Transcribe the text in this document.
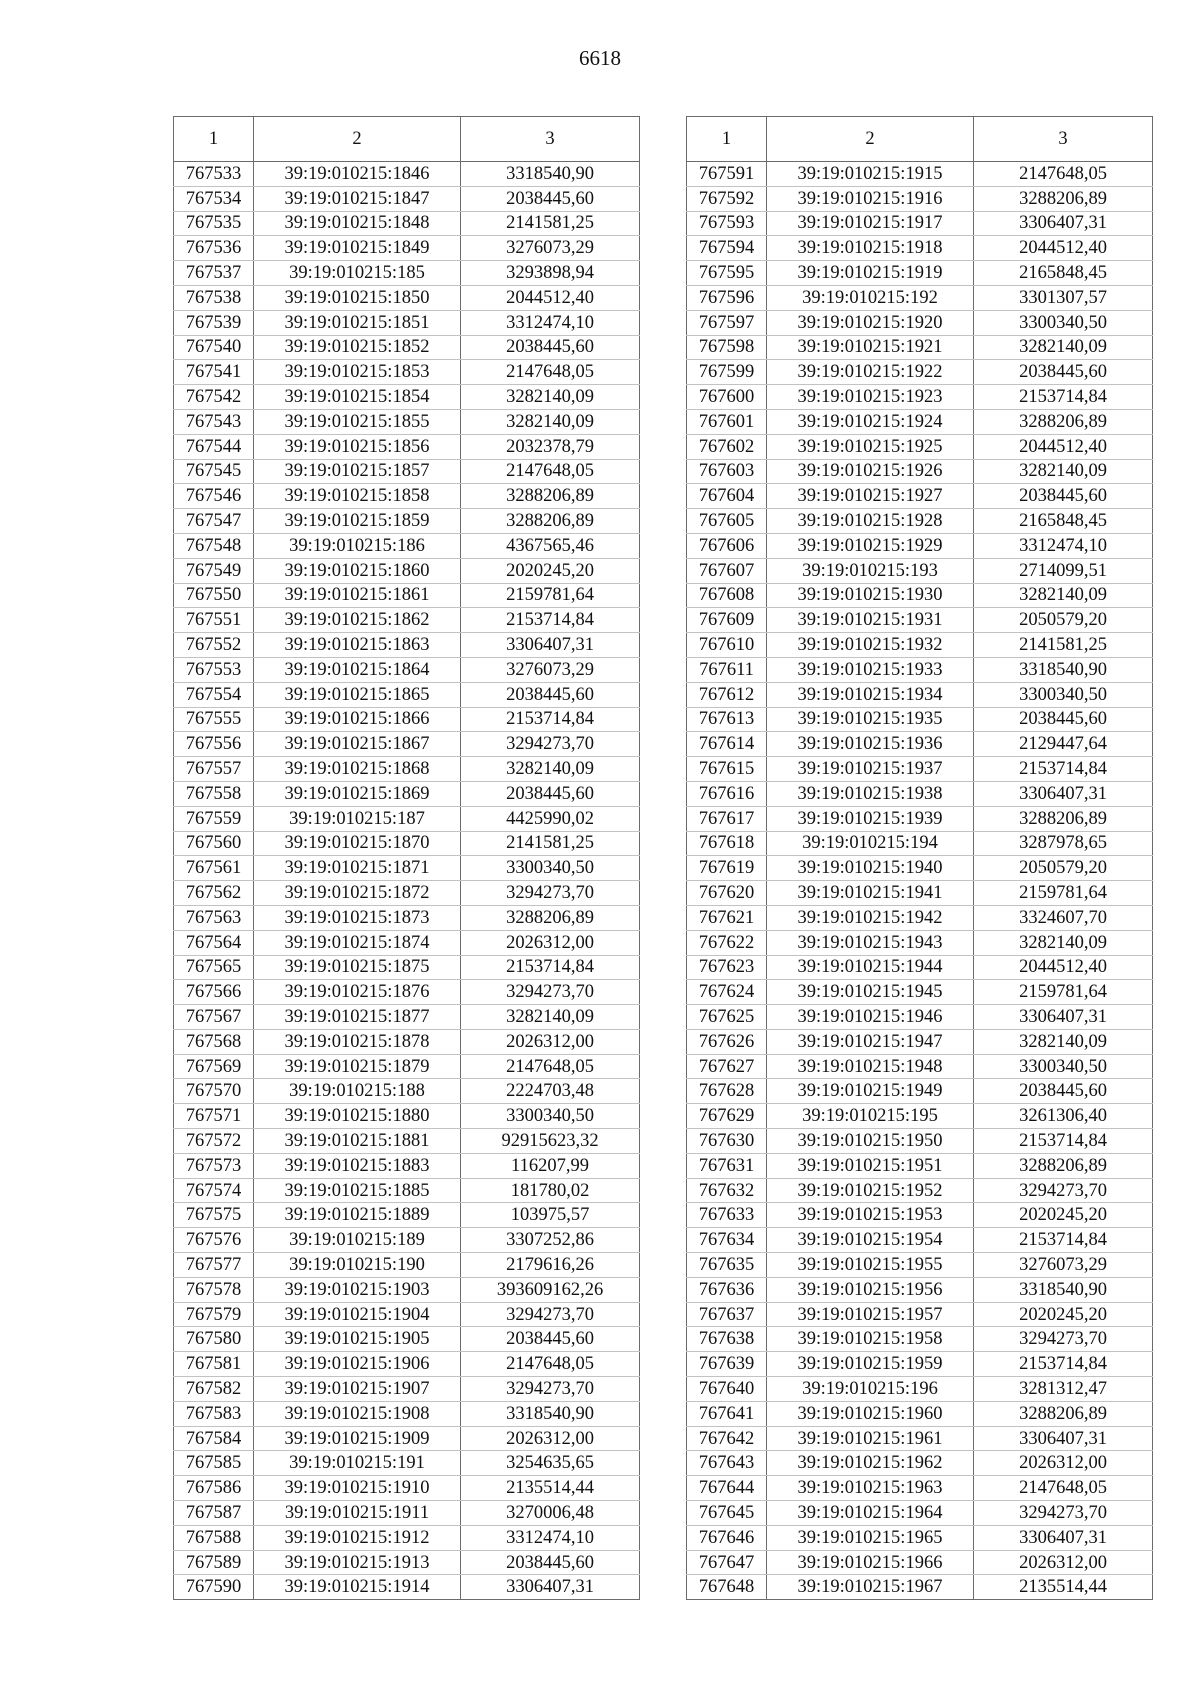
6618
1	2	3
767533	39:19:010215:1846	3318540,90
767534	39:19:010215:1847	2038445,60
767535	39:19:010215:1848	2141581,25
767536	39:19:010215:1849	3276073,29
767537	39:19:010215:185	3293898,94
767538	39:19:010215:1850	2044512,40
767539	39:19:010215:1851	3312474,10
767540	39:19:010215:1852	2038445,60
767541	39:19:010215:1853	2147648,05
767542	39:19:010215:1854	3282140,09
767543	39:19:010215:1855	3282140,09
767544	39:19:010215:1856	2032378,79
767545	39:19:010215:1857	2147648,05
767546	39:19:010215:1858	3288206,89
767547	39:19:010215:1859	3288206,89
767548	39:19:010215:186	4367565,46
767549	39:19:010215:1860	2020245,20
767550	39:19:010215:1861	2159781,64
767551	39:19:010215:1862	2153714,84
767552	39:19:010215:1863	3306407,31
767553	39:19:010215:1864	3276073,29
767554	39:19:010215:1865	2038445,60
767555	39:19:010215:1866	2153714,84
767556	39:19:010215:1867	3294273,70
767557	39:19:010215:1868	3282140,09
767558	39:19:010215:1869	2038445,60
767559	39:19:010215:187	4425990,02
767560	39:19:010215:1870	2141581,25
767561	39:19:010215:1871	3300340,50
767562	39:19:010215:1872	3294273,70
767563	39:19:010215:1873	3288206,89
767564	39:19:010215:1874	2026312,00
767565	39:19:010215:1875	2153714,84
767566	39:19:010215:1876	3294273,70
767567	39:19:010215:1877	3282140,09
767568	39:19:010215:1878	2026312,00
767569	39:19:010215:1879	2147648,05
767570	39:19:010215:188	2224703,48
767571	39:19:010215:1880	3300340,50
767572	39:19:010215:1881	92915623,32
767573	39:19:010215:1883	116207,99
767574	39:19:010215:1885	181780,02
767575	39:19:010215:1889	103975,57
767576	39:19:010215:189	3307252,86
767577	39:19:010215:190	2179616,26
767578	39:19:010215:1903	393609162,26
767579	39:19:010215:1904	3294273,70
767580	39:19:010215:1905	2038445,60
767581	39:19:010215:1906	2147648,05
767582	39:19:010215:1907	3294273,70
767583	39:19:010215:1908	3318540,90
767584	39:19:010215:1909	2026312,00
767585	39:19:010215:191	3254635,65
767586	39:19:010215:1910	2135514,44
767587	39:19:010215:1911	3270006,48
767588	39:19:010215:1912	3312474,10
767589	39:19:010215:1913	2038445,60
767590	39:19:010215:1914	3306407,31
1	2	3
767591	39:19:010215:1915	2147648,05
767592	39:19:010215:1916	3288206,89
767593	39:19:010215:1917	3306407,31
767594	39:19:010215:1918	2044512,40
767595	39:19:010215:1919	2165848,45
767596	39:19:010215:192	3301307,57
767597	39:19:010215:1920	3300340,50
767598	39:19:010215:1921	3282140,09
767599	39:19:010215:1922	2038445,60
767600	39:19:010215:1923	2153714,84
767601	39:19:010215:1924	3288206,89
767602	39:19:010215:1925	2044512,40
767603	39:19:010215:1926	3282140,09
767604	39:19:010215:1927	2038445,60
767605	39:19:010215:1928	2165848,45
767606	39:19:010215:1929	3312474,10
767607	39:19:010215:193	2714099,51
767608	39:19:010215:1930	3282140,09
767609	39:19:010215:1931	2050579,20
767610	39:19:010215:1932	2141581,25
767611	39:19:010215:1933	3318540,90
767612	39:19:010215:1934	3300340,50
767613	39:19:010215:1935	2038445,60
767614	39:19:010215:1936	2129447,64
767615	39:19:010215:1937	2153714,84
767616	39:19:010215:1938	3306407,31
767617	39:19:010215:1939	3288206,89
767618	39:19:010215:194	3287978,65
767619	39:19:010215:1940	2050579,20
767620	39:19:010215:1941	2159781,64
767621	39:19:010215:1942	3324607,70
767622	39:19:010215:1943	3282140,09
767623	39:19:010215:1944	2044512,40
767624	39:19:010215:1945	2159781,64
767625	39:19:010215:1946	3306407,31
767626	39:19:010215:1947	3282140,09
767627	39:19:010215:1948	3300340,50
767628	39:19:010215:1949	2038445,60
767629	39:19:010215:195	3261306,40
767630	39:19:010215:1950	2153714,84
767631	39:19:010215:1951	3288206,89
767632	39:19:010215:1952	3294273,70
767633	39:19:010215:1953	2020245,20
767634	39:19:010215:1954	2153714,84
767635	39:19:010215:1955	3276073,29
767636	39:19:010215:1956	3318540,90
767637	39:19:010215:1957	2020245,20
767638	39:19:010215:1958	3294273,70
767639	39:19:010215:1959	2153714,84
767640	39:19:010215:196	3281312,47
767641	39:19:010215:1960	3288206,89
767642	39:19:010215:1961	3306407,31
767643	39:19:010215:1962	2026312,00
767644	39:19:010215:1963	2147648,05
767645	39:19:010215:1964	3294273,70
767646	39:19:010215:1965	3306407,31
767647	39:19:010215:1966	2026312,00
767648	39:19:010215:1967	2135514,44
